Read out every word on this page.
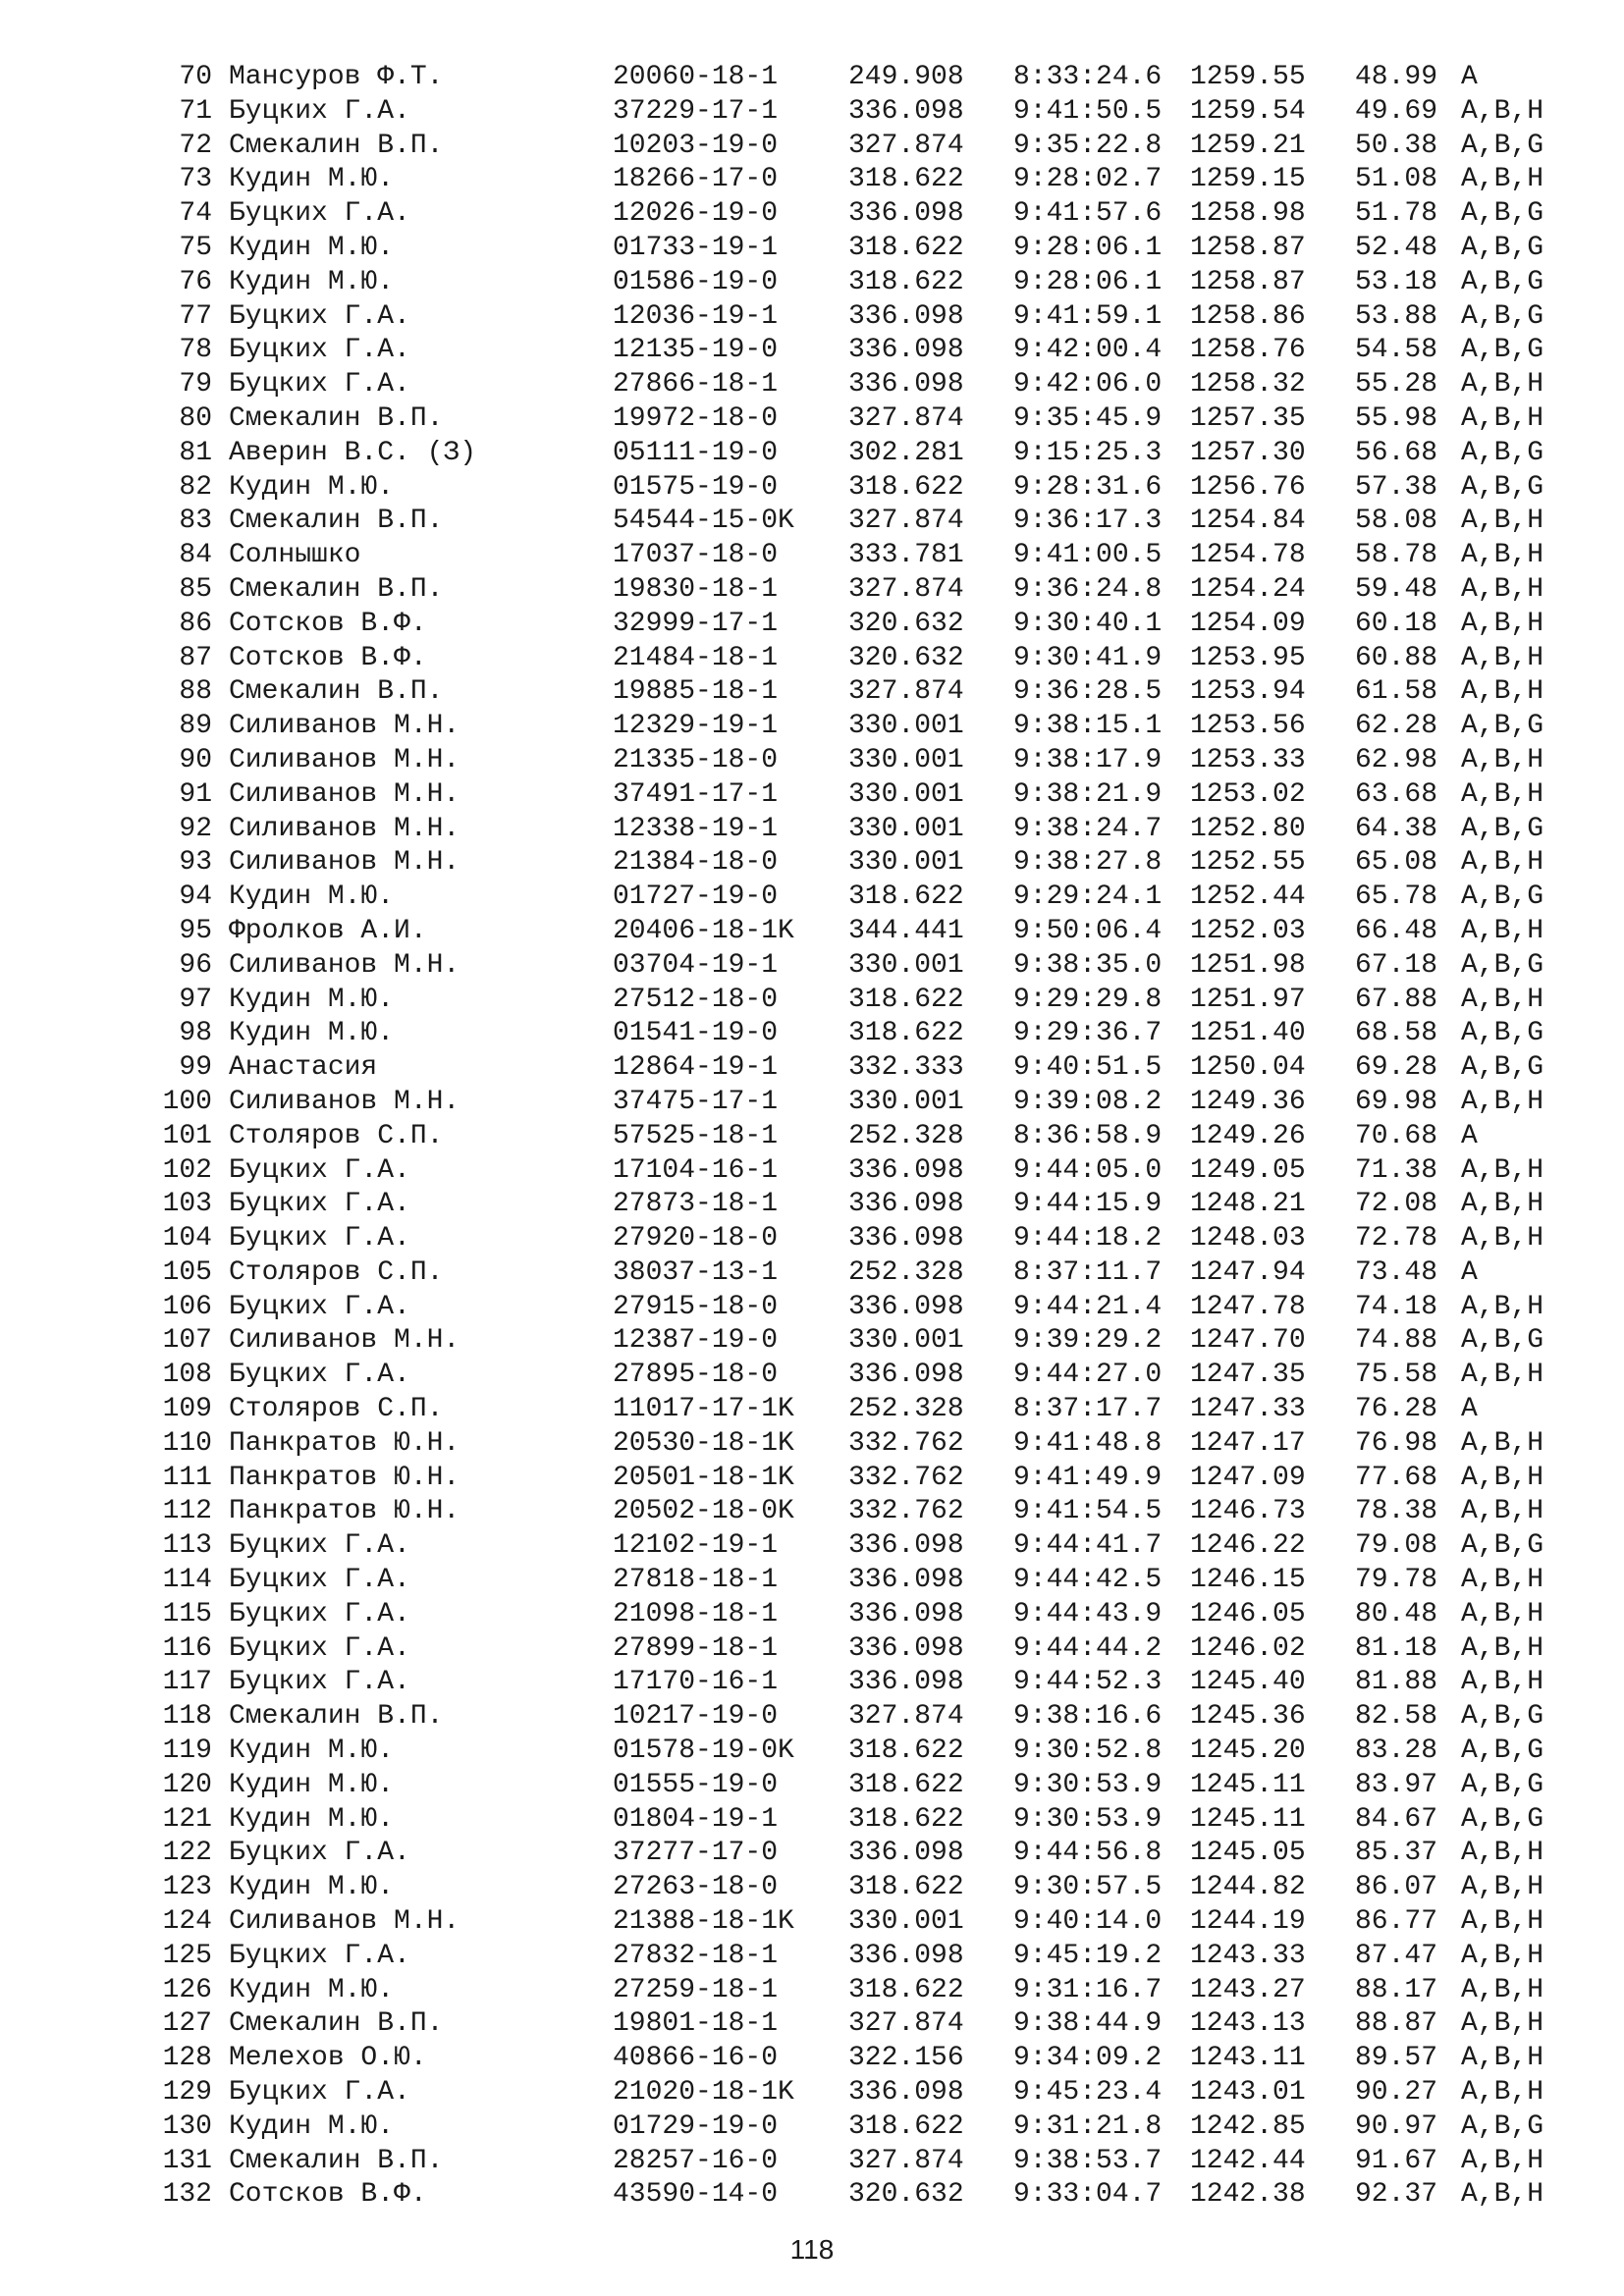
70 Мансуров Ф.Т.	20060-18-1	249.908 8:33:24.6 1259.55 48.99 A
71 Буцких Г.А.	37229-17-1	336.098 9:41:50.5 1259.54 49.69 A,B,H
72 Смекалин В.П.	10203-19-0	327.874 9:35:22.8 1259.21 50.38 A,B,G
73 Кудин М.Ю.	18266-17-0	318.622 9:28:02.7 1259.15 51.08 A,B,H
74 Буцких Г.А.	12026-19-0	336.098 9:41:57.6 1258.98 51.78 A,B,G
75 Кудин М.Ю.	01733-19-1	318.622 9:28:06.1 1258.87 52.48 A,B,G
76 Кудин М.Ю.	01586-19-0	318.622 9:28:06.1 1258.87 53.18 A,B,G
77 Буцких Г.А.	12036-19-1	336.098 9:41:59.1 1258.86 53.88 A,B,G
78 Буцких Г.А.	12135-19-0	336.098 9:42:00.4 1258.76 54.58 A,B,G
79 Буцких Г.А.	27866-18-1	336.098 9:42:06.0 1258.32 55.28 A,B,H
80 Смекалин В.П.	19972-18-0	327.874 9:35:45.9 1257.35 55.98 A,B,H
81 Аверин В.С. (З)	05111-19-0	302.281 9:15:25.3 1257.30 56.68 A,B,G
82 Кудин М.Ю.	01575-19-0	318.622 9:28:31.6 1256.76 57.38 A,B,G
83 Смекалин В.П.	54544-15-0K 327.874 9:36:17.3 1254.84 58.08 A,B,H
84 Солнышко	17037-18-0	333.781 9:41:00.5 1254.78 58.78 A,B,H
85 Смекалин В.П.	19830-18-1	327.874 9:36:24.8 1254.24 59.48 A,B,H
86 Сотсков В.Ф.	32999-17-1	320.632 9:30:40.1 1254.09 60.18 A,B,H
87 Сотсков В.Ф.	21484-18-1	320.632 9:30:41.9 1253.95 60.88 A,B,H
88 Смекалин В.П.	19885-18-1	327.874 9:36:28.5 1253.94 61.58 A,B,H
89 Силиванов М.Н.	12329-19-1	330.001 9:38:15.1 1253.56 62.28 A,B,G
90 Силиванов М.Н.	21335-18-0	330.001 9:38:17.9 1253.33 62.98 A,B,H
91 Силиванов М.Н.	37491-17-1	330.001 9:38:21.9 1253.02 63.68 A,B,H
92 Силиванов М.Н.	12338-19-1	330.001 9:38:24.7 1252.80 64.38 A,B,G
93 Силиванов М.Н.	21384-18-0	330.001 9:38:27.8 1252.55 65.08 A,B,H
94 Кудин М.Ю.	01727-19-0	318.622 9:29:24.1 1252.44 65.78 A,B,G
95 Фролков А.И.	20406-18-1K 344.441 9:50:06.4 1252.03 66.48 A,B,H
96 Силиванов М.Н.	03704-19-1	330.001 9:38:35.0 1251.98 67.18 A,B,G
97 Кудин М.Ю.	27512-18-0	318.622 9:29:29.8 1251.97 67.88 A,B,H
98 Кудин М.Ю.	01541-19-0	318.622 9:29:36.7 1251.40 68.58 A,B,G
99 Анастасия	12864-19-1	332.333 9:40:51.5 1250.04 69.28 A,B,G
100 Силиванов М.Н.	37475-17-1	330.001 9:39:08.2 1249.36 69.98 A,B,H
101 Столяров С.П.	57525-18-1	252.328 8:36:58.9 1249.26 70.68 A
102 Буцких Г.А.	17104-16-1	336.098 9:44:05.0 1249.05 71.38 A,B,H
103 Буцких Г.А.	27873-18-1	336.098 9:44:15.9 1248.21 72.08 A,B,H
104 Буцких Г.А.	27920-18-0	336.098 9:44:18.2 1248.03 72.78 A,B,H
105 Столяров С.П.	38037-13-1	252.328 8:37:11.7 1247.94 73.48 A
106 Буцких Г.А.	27915-18-0	336.098 9:44:21.4 1247.78 74.18 A,B,H
107 Силиванов М.Н.	12387-19-0	330.001 9:39:29.2 1247.70 74.88 A,B,G
108 Буцких Г.А.	27895-18-0	336.098 9:44:27.0 1247.35 75.58 A,B,H
109 Столяров С.П.	11017-17-1K 252.328 8:37:17.7 1247.33 76.28 A
110 Панкратов Ю.Н.	20530-18-1K 332.762 9:41:48.8 1247.17 76.98 A,B,H
111 Панкратов Ю.Н.	20501-18-1K 332.762 9:41:49.9 1247.09 77.68 A,B,H
112 Панкратов Ю.Н.	20502-18-0K 332.762 9:41:54.5 1246.73 78.38 A,B,H
113 Буцких Г.А.	12102-19-1	336.098 9:44:41.7 1246.22 79.08 A,B,G
114 Буцких Г.А.	27818-18-1	336.098 9:44:42.5 1246.15 79.78 A,B,H
115 Буцких Г.А.	21098-18-1	336.098 9:44:43.9 1246.05 80.48 A,B,H
116 Буцких Г.А.	27899-18-1	336.098 9:44:44.2 1246.02 81.18 A,B,H
117 Буцких Г.А.	17170-16-1	336.098 9:44:52.3 1245.40 81.88 A,B,H
118 Смекалин В.П.	10217-19-0	327.874 9:38:16.6 1245.36 82.58 A,B,G
119 Кудин М.Ю.	01578-19-0K 318.622 9:30:52.8 1245.20 83.28 A,B,G
120 Кудин М.Ю.	01555-19-0	318.622 9:30:53.9 1245.11 83.97 A,B,G
121 Кудин М.Ю.	01804-19-1	318.622 9:30:53.9 1245.11 84.67 A,B,G
122 Буцких Г.А.	37277-17-0	336.098 9:44:56.8 1245.05 85.37 A,B,H
123 Кудин М.Ю.	27263-18-0	318.622 9:30:57.5 1244.82 86.07 A,B,H
124 Силиванов М.Н.	21388-18-1K 330.001 9:40:14.0 1244.19 86.77 A,B,H
125 Буцких Г.А.	27832-18-1	336.098 9:45:19.2 1243.33 87.47 A,B,H
126 Кудин М.Ю.	27259-18-1	318.622 9:31:16.7 1243.27 88.17 A,B,H
127 Смекалин В.П.	19801-18-1	327.874 9:38:44.9 1243.13 88.87 A,B,H
128 Мелехов О.Ю.	40866-16-0	322.156 9:34:09.2 1243.11 89.57 A,B,H
129 Буцких Г.А.	21020-18-1K 336.098 9:45:23.4 1243.01 90.27 A,B,H
130 Кудин М.Ю.	01729-19-0	318.622 9:31:21.8 1242.85 90.97 A,B,G
131 Смекалин В.П.	28257-16-0	327.874 9:38:53.7 1242.44 91.67 A,B,H
132 Сотсков В.Ф.	43590-14-0	320.632 9:33:04.7 1242.38 92.37 A,B,H
118
